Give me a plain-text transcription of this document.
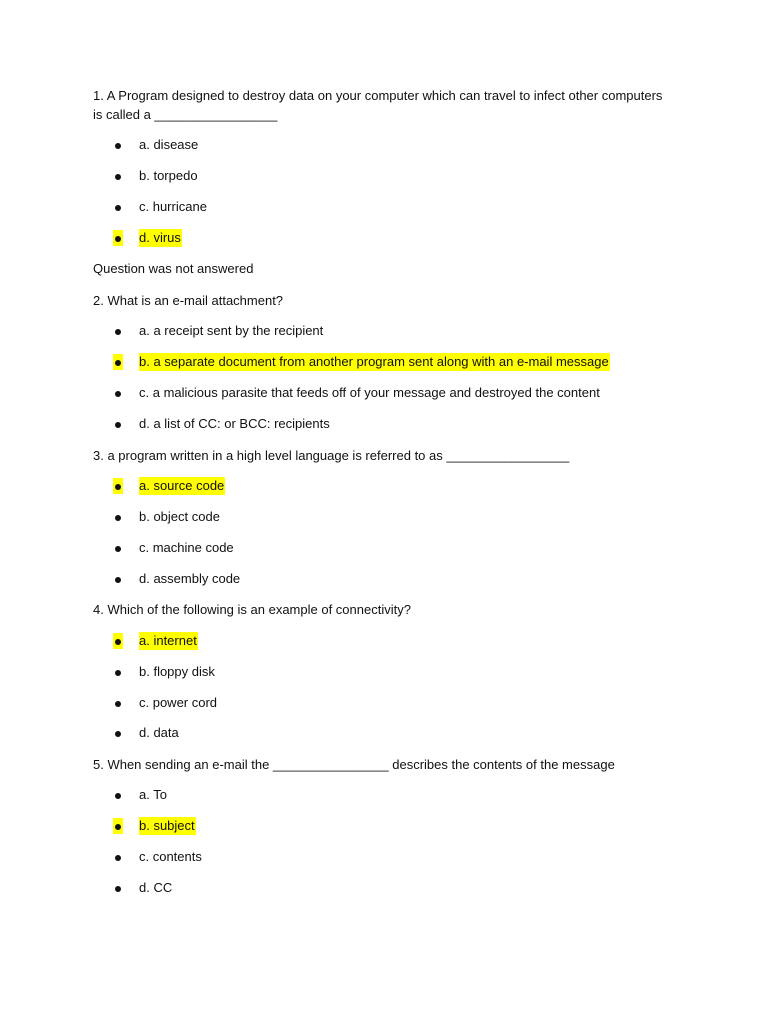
1. A Program designed to destroy data on your computer which can travel to infect other computers

is called a _________________

a. disease
b. torpedo
c. hurricane
d. virus
Question was not answered

2. What is an e-mail attachment?

a. a receipt sent by the recipient
b. a separate document from another program sent along with an e-mail message
c. a malicious parasite that feeds off of your message and destroyed the content
d. a list of CC: or BCC: recipients

3. a program written in a high level language is referred to as _________________

a. source code
b. object code
c. machine code
d. assembly code

4. Which of the following is an example of connectivity?

a. internet
b. floppy disk
c. power cord
d. data

5. When sending an e-mail the ________________ describes the contents of the message

a. To
b. subject
c. contents
d. CC
